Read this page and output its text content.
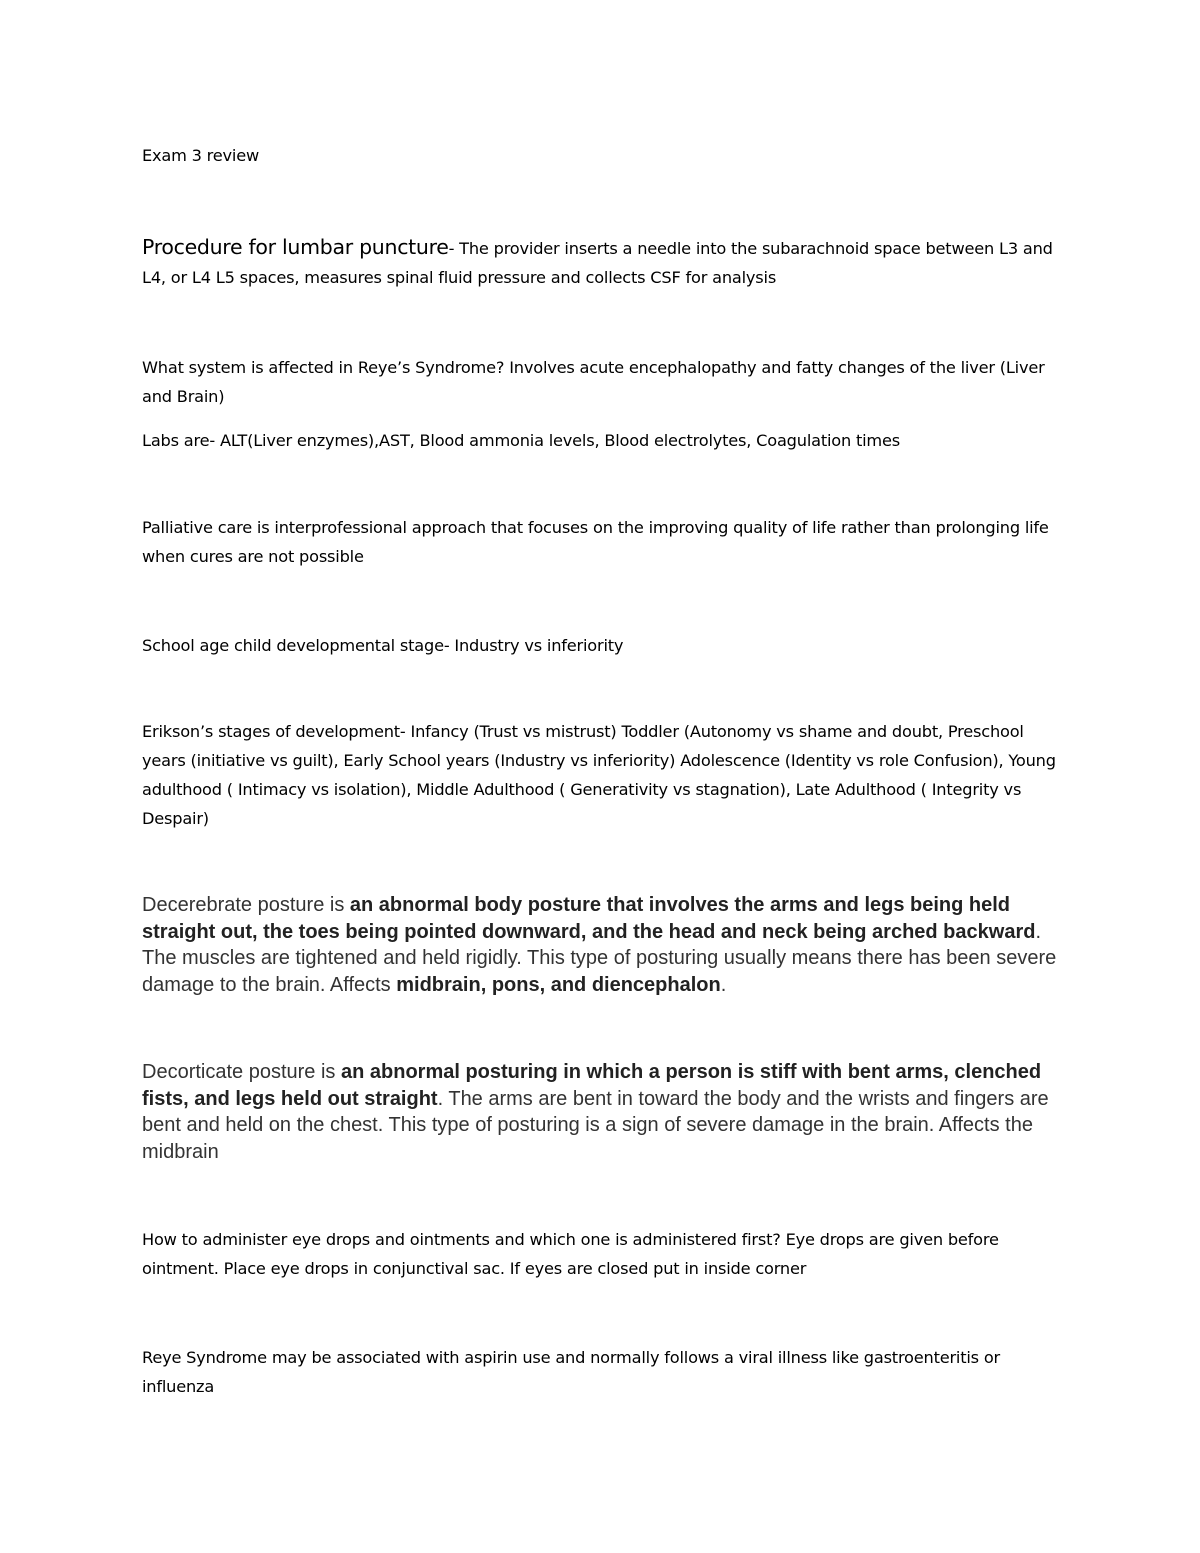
Exam 3 review

Procedure for lumbar puncture- The provider inserts a needle into the subarachnoid space between L3 and L4, or L4 L5 spaces, measures spinal fluid pressure and collects CSF for analysis

What system is affected in Reye’s Syndrome? Involves acute encephalopathy and fatty changes of the liver (Liver and Brain)

Labs are- ALT(Liver enzymes),AST, Blood ammonia levels, Blood electrolytes, Coagulation times

Palliative care is interprofessional approach that focuses on the improving quality of life rather than prolonging life when cures are not possible

School age child developmental stage- Industry vs inferiority

Erikson’s stages of development- Infancy (Trust vs mistrust) Toddler (Autonomy vs shame and doubt, Preschool years (initiative vs guilt), Early School years (Industry vs inferiority) Adolescence (Identity vs role Confusion), Young adulthood ( Intimacy vs isolation), Middle Adulthood ( Generativity vs stagnation), Late Adulthood ( Integrity vs Despair)

Decerebrate posture is an abnormal body posture that involves the arms and legs being held straight out, the toes being pointed downward, and the head and neck being arched backward. The muscles are tightened and held rigidly. This type of posturing usually means there has been severe damage to the brain. Affects midbrain, pons, and diencephalon.

Decorticate posture is an abnormal posturing in which a person is stiff with bent arms, clenched fists, and legs held out straight. The arms are bent in toward the body and the wrists and fingers are bent and held on the chest. This type of posturing is a sign of severe damage in the brain. Affects the midbrain

How to administer eye drops and ointments and which one is administered first? Eye drops are given before ointment. Place eye drops in conjunctival sac. If eyes are closed put in inside corner

Reye Syndrome may be associated with aspirin use and normally follows a viral illness like gastroenteritis or influenza
